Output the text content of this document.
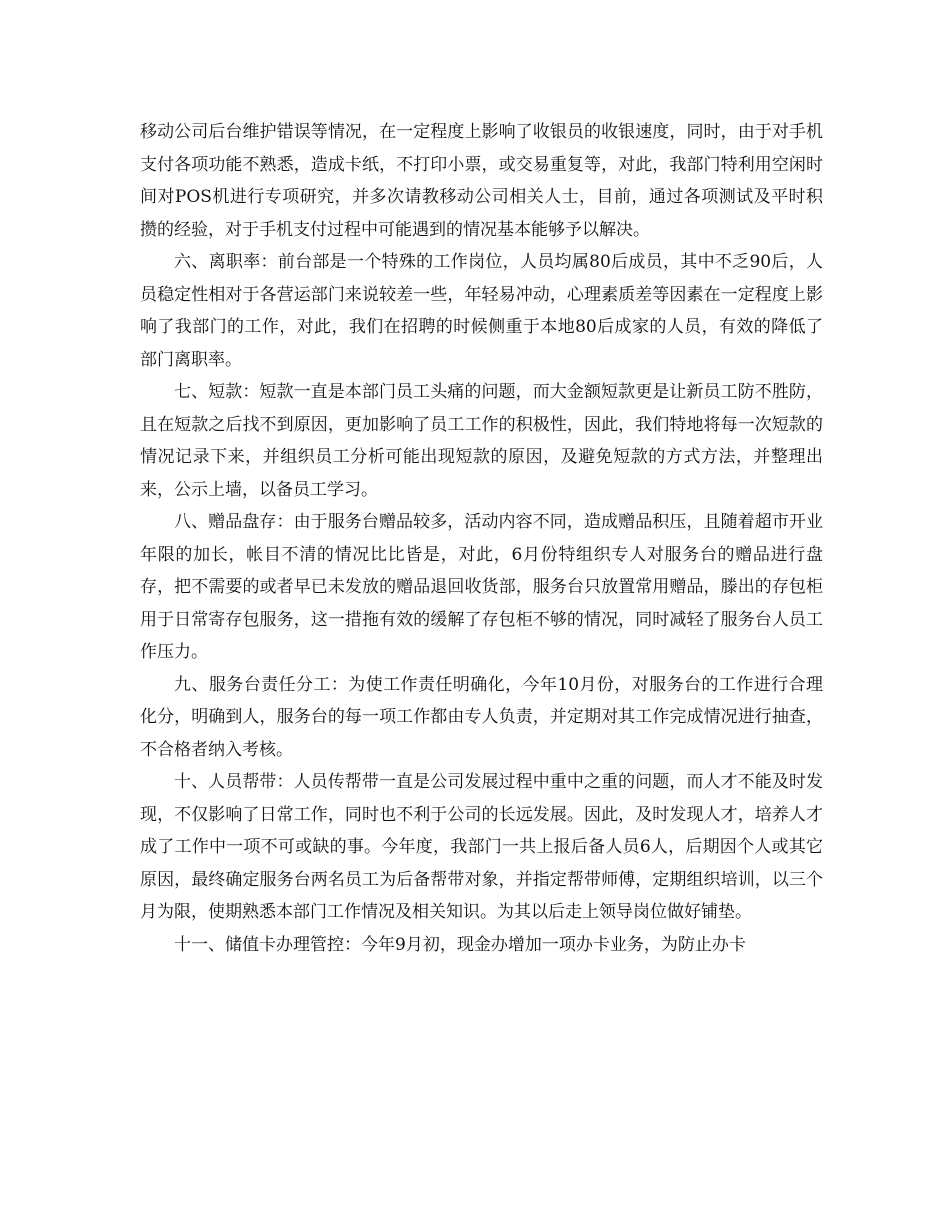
移动公司后台维护错误等情况，在一定程度上影响了收银员的收银速度，同时，由于对手机支付各项功能不熟悉，造成卡纸，不打印小票，或交易重复等，对此，我部门特利用空闲时间对POS机进行专项研究，并多次请教移动公司相关人士，目前，通过各项测试及平时积攒的经验，对于手机支付过程中可能遇到的情况基本能够予以解决。

六、离职率：前台部是一个特殊的工作岗位，人员均属80后成员，其中不乏90后，人员稳定性相对于各营运部门来说较差一些，年轻易冲动，心理素质差等因素在一定程度上影响了我部门的工作，对此，我们在招聘的时候侧重于本地80后成家的人员，有效的降低了部门离职率。

七、短款：短款一直是本部门员工头痛的问题，而大金额短款更是让新员工防不胜防，且在短款之后找不到原因，更加影响了员工工作的积极性，因此，我们特地将每一次短款的情况记录下来，并组织员工分析可能出现短款的原因，及避免短款的方式方法，并整理出来，公示上墙，以备员工学习。

八、赠品盘存：由于服务台赠品较多，活动内容不同，造成赠品积压，且随着超市开业年限的加长，帐目不清的情况比比皆是，对此，6月份特组织专人对服务台的赠品进行盘存，把不需要的或者早已未发放的赠品退回收货部，服务台只放置常用赠品，滕出的存包柜用于日常寄存包服务，这一措拖有效的缓解了存包柜不够的情况，同时减轻了服务台人员工作压力。

九、服务台责任分工：为使工作责任明确化，今年10月份，对服务台的工作进行合理化分，明确到人，服务台的每一项工作都由专人负责，并定期对其工作完成情况进行抽查，不合格者纳入考核。

十、人员帮带：人员传帮带一直是公司发展过程中重中之重的问题，而人才不能及时发现，不仅影响了日常工作，同时也不利于公司的长远发展。因此，及时发现人才，培养人才成了工作中一项不可或缺的事。今年度，我部门一共上报后备人员6人，后期因个人或其它原因，最终确定服务台两名员工为后备帮带对象，并指定帮带师傅，定期组织培训，以三个月为限，使期熟悉本部门工作情况及相关知识。为其以后走上领导岗位做好铺垫。

十一、储值卡办理管控：今年9月初，现金办增加一项办卡业务，为防止办卡
